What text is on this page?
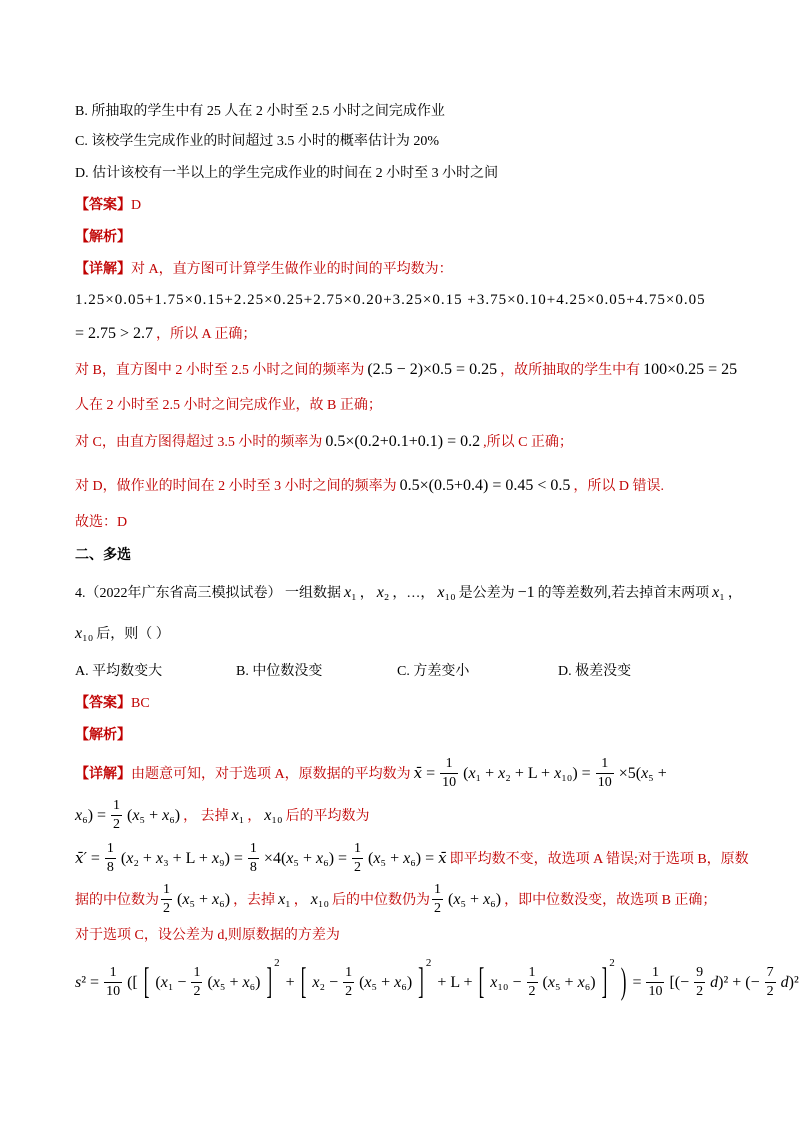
B. 所抽取的学生中有 25 人在 2 小时至 2.5 小时之间完成作业
C. 该校学生完成作业的时间超过 3.5 小时的概率估计为 20%
D. 估计该校有一半以上的学生完成作业的时间在 2 小时至 3 小时之间
【答案】D
【解析】
【详解】对 A，直方图可计算学生做作业的时间的平均数为：
1.25×0.05+1.75×0.15+2.25×0.25+2.75×0.20+3.25×0.15 +3.75×0.10+4.25×0.05+4.75×0.05
= 2.75 > 2.7 ，所以 A 正确；
对 B，直方图中 2 小时至 2.5 小时之间的频率为 (2.5 − 2)×0.5 = 0.25 ，故所抽取的学生中有 100×0.25 = 25
人在 2 小时至 2.5 小时之间完成作业，故 B 正确；
对 C，由直方图得超过 3.5 小时的频率为 0.5×(0.2+0.1+0.1) = 0.2 ,所以 C 正确；
对 D，做作业的时间在 2 小时至 3 小时之间的频率为 0.5×(0.5+0.4) = 0.45 < 0.5 ，所以 D 错误.
故选：D
二、多选
4.（2022年广东省高三模拟试卷） 一组数据 x₁ ， x₂ ，…， x₁₀ 是公差为 −1 的等差数列,若去掉首末两项 x₁ ，
x₁₀ 后，则（ ）
A. 平均数变大	B. 中位数没变	C. 方差变小	D. 极差没变
【答案】BC
【解析】
【详解】由题意可知，对于选项 A，原数据的平均数为 x̄ = $\frac{1}{10} (x_1 + x_2 + L + x_{10}) = \frac{1}{10} \times 5(x_5$ +
$x_6) = \frac{1}{2} (x_5 + x_6)$ ， 去掉 x₁ ， x₁₀ 后的平均数为
x̄′ = $\frac{1}{8} (x_2 + x_3 + L + x_9) = \frac{1}{8} \times 4(x_5 + x_6) = \frac{1}{2} (x_5 + x_6)$ = x̄ 即平均数不变，故选项 A 错误;对于选项 B，原数
据的中位数为 $\frac{1}{2} (x_5 + x_6)$ ，去掉 x₁ ， x₁₀ 后的中位数仍为 $\frac{1}{2} (x_5 + x_6)$ ，即中位数没变，故选项 B 正确；
对于选项 C，设公差为 d,则原数据的方差为
$s^2 = \frac{1}{10}$ ([ [ ($x_1 - \frac{1}{2} (x_5 + x_6)$ ] 2+ [ $x_2 - \frac{1}{2} (x_5 + x_6)$ ] 2+ L + [ $x_{10} - \frac{1}{2} (x_5 + x_6)$ ] 2 ) = $\frac{1}{10}$ [(− $\frac{9}{2} d)^2$ + (− $\frac{7}{2} d)^2$
